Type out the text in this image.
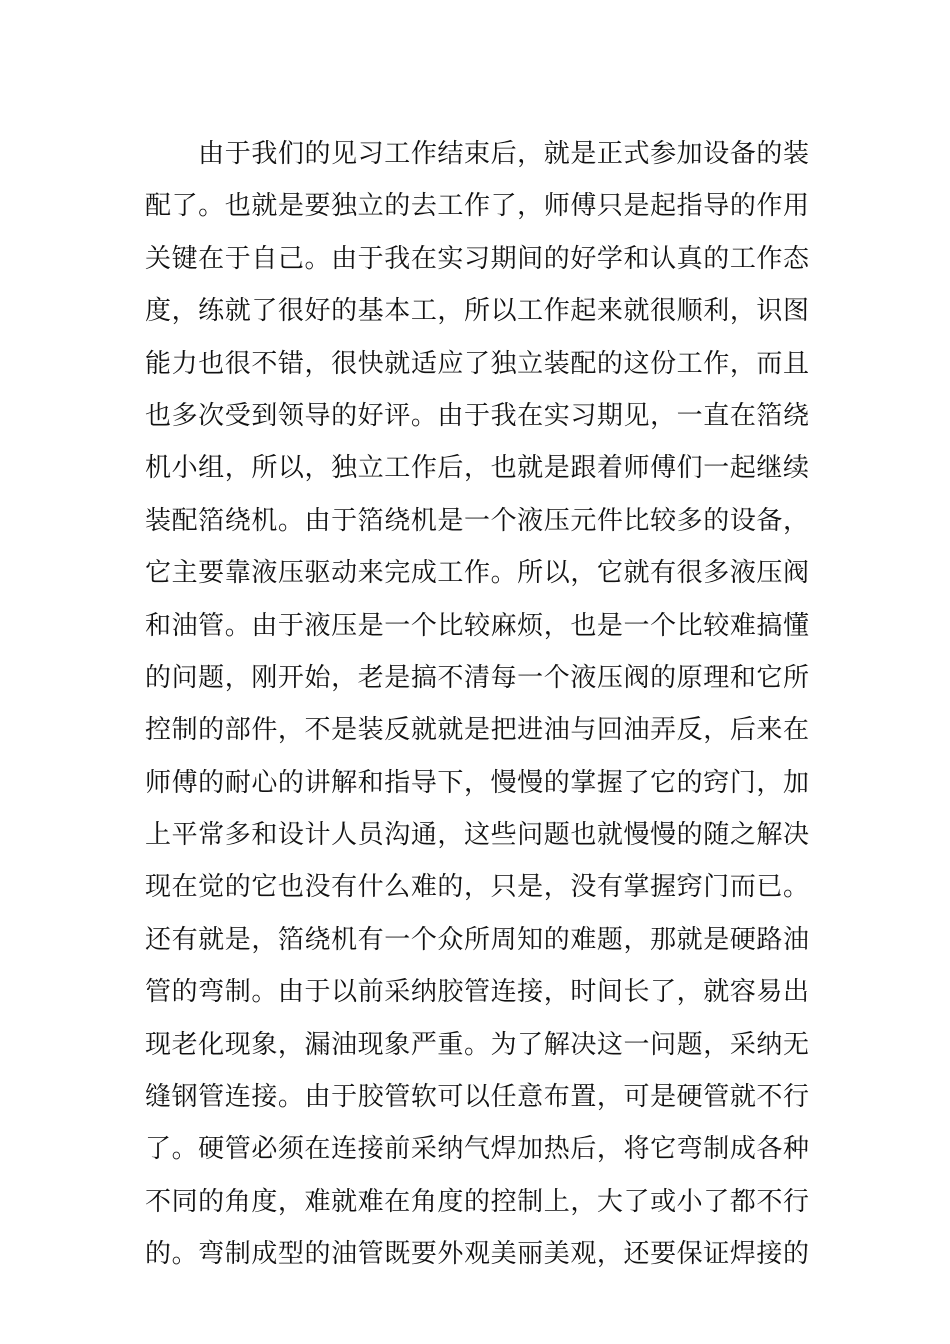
　　由于我们的见习工作结束后，就是正式参加设备的装
配了。也就是要独立的去工作了，师傅只是起指导的作用
关键在于自己。由于我在实习期间的好学和认真的工作态
度，练就了很好的基本工，所以工作起来就很顺利，识图
能力也很不错，很快就适应了独立装配的这份工作，而且
也多次受到领导的好评。由于我在实习期见，一直在箔绕
机小组，所以，独立工作后，也就是跟着师傅们一起继续
装配箔绕机。由于箔绕机是一个液压元件比较多的设备，
它主要靠液压驱动来完成工作。所以，它就有很多液压阀
和油管。由于液压是一个比较麻烦，也是一个比较难搞懂
的问题，刚开始，老是搞不清每一个液压阀的原理和它所
控制的部件，不是装反就就是把进油与回油弄反，后来在
师傅的耐心的讲解和指导下，慢慢的掌握了它的窍门，加
上平常多和设计人员沟通，这些问题也就慢慢的随之解决
现在觉的它也没有什么难的，只是，没有掌握窍门而已。
还有就是，箔绕机有一个众所周知的难题，那就是硬路油
管的弯制。由于以前采纳胶管连接，时间长了，就容易出
现老化现象，漏油现象严重。为了解决这一问题，采纳无
缝钢管连接。由于胶管软可以任意布置，可是硬管就不行
了。硬管必须在连接前采纳气焊加热后，将它弯制成各种
不同的角度，难就难在角度的控制上，大了或小了都不行
的。弯制成型的油管既要外观美丽美观，还要保证焊接的
